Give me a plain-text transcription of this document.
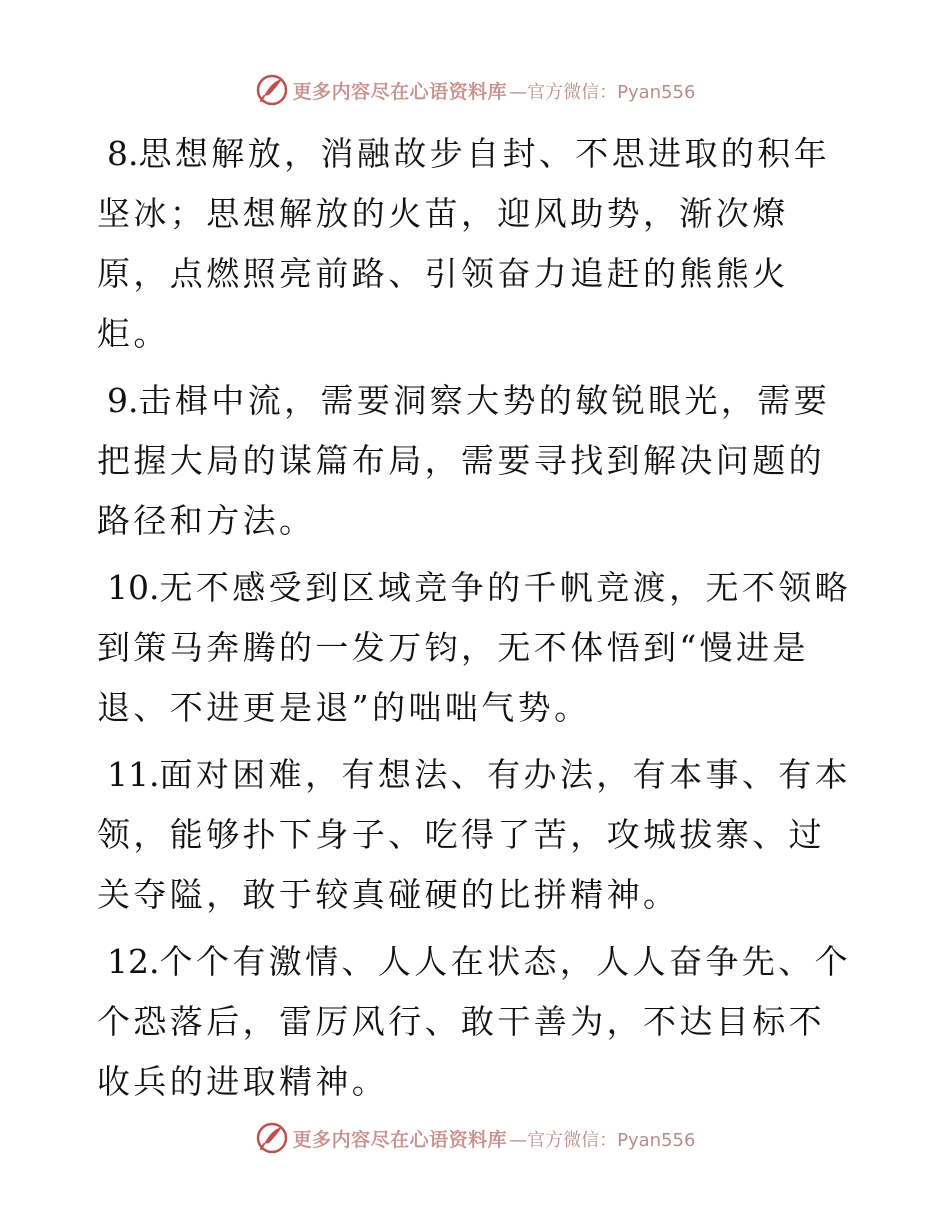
更多内容尽在心语资料库 —官方微信：Pyan556

8.思想解放，消融故步自封、不思进取的积年坚冰；思想解放的火苗，迎风助势，渐次燎原，点燃照亮前路、引领奋力追赶的熊熊火炬。

9.击楫中流，需要洞察大势的敏锐眼光，需要把握大局的谋篇布局，需要寻找到解决问题的路径和方法。

10.无不感受到区域竞争的千帆竞渡，无不领略到策马奔腾的一发万钧，无不体悟到“慢进是退、不进更是退”的咄咄气势。

11.面对困难，有想法、有办法，有本事、有本领，能够扑下身子、吃得了苦，攻城拔寨、过关夺隘，敢于较真碰硬的比拼精神。

12.个个有激情、人人在状态，人人奋争先、个个恐落后，雷厉风行、敢干善为，不达目标不收兵的进取精神。

更多内容尽在心语资料库 —官方微信：Pyan556
